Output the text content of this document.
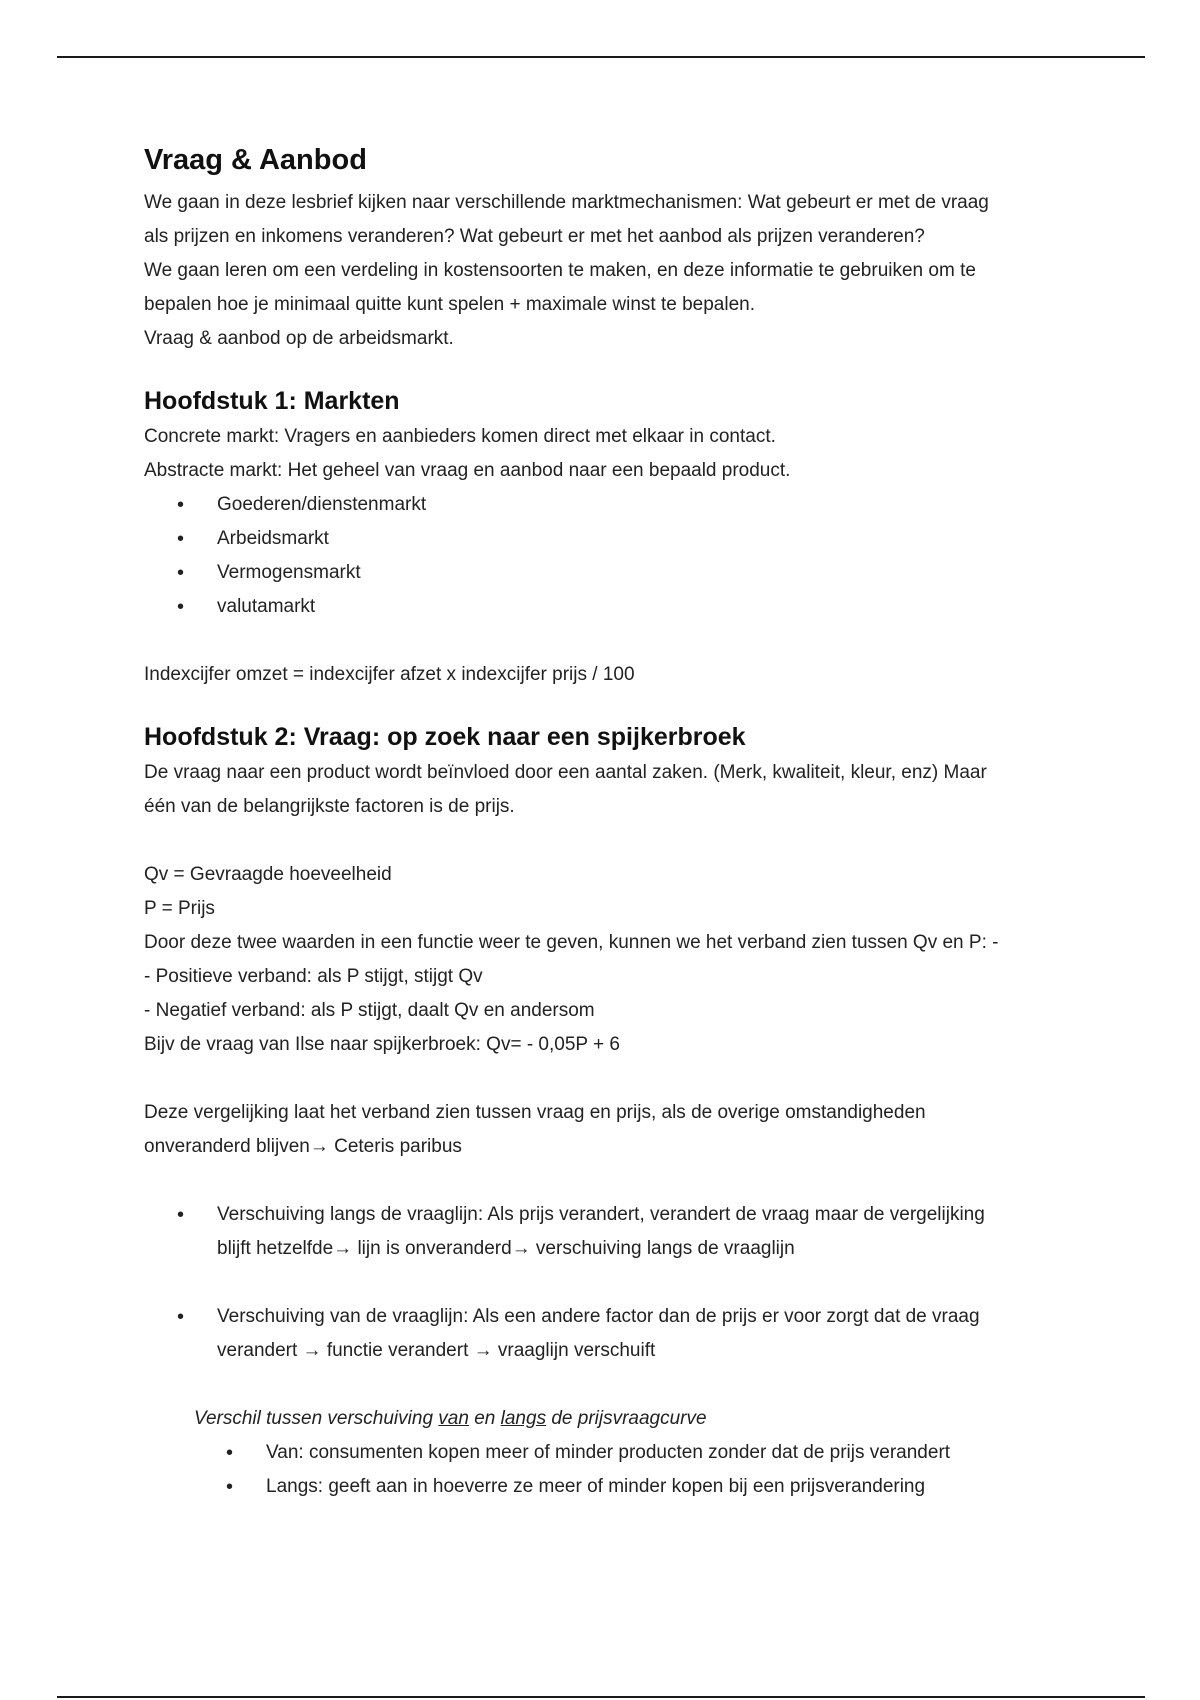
Vraag & Aanbod

We gaan in deze lesbrief kijken naar verschillende marktmechanismen: Wat gebeurt er met de vraag

als prijzen en inkomens veranderen? Wat gebeurt er met het aanbod als prijzen veranderen?

We gaan leren om een verdeling in kostensoorten te maken, en deze informatie te gebruiken om te

bepalen hoe je minimaal quitte kunt spelen + maximale winst te bepalen.

Vraag & aanbod op de arbeidsmarkt.

Hoofdstuk 1: Markten

Concrete markt: Vragers en aanbieders komen direct met elkaar in contact.

Abstracte markt: Het geheel van vraag en aanbod naar een bepaald product.

• Goederen/dienstenmarkt
• Arbeidsmarkt
• Vermogensmarkt
• valutamarkt

Indexcijfer omzet = indexcijfer afzet x indexcijfer prijs / 100

Hoofdstuk 2: Vraag: op zoek naar een spijkerbroek

De vraag naar een product wordt beïnvloed door een aantal zaken. (Merk, kwaliteit, kleur, enz) Maar

één van de belangrijkste factoren is de prijs.

Qv = Gevraagde hoeveelheid

P = Prijs

Door deze twee waarden in een functie weer te geven, kunnen we het verband zien tussen Qv en P: -

- Positieve verband: als P stijgt, stijgt Qv

- Negatief verband: als P stijgt, daalt Qv en andersom

Bijv de vraag van Ilse naar spijkerbroek: Qv= - 0,05P + 6

Deze vergelijking laat het verband zien tussen vraag en prijs, als de overige omstandigheden

onveranderd blijven→ Ceteris paribus

• Verschuiving langs de vraaglijn: Als prijs verandert, verandert de vraag maar de vergelijking
blijft hetzelfde→ lijn is onveranderd→ verschuiving langs de vraaglijn
• Verschuiving van de vraaglijn: Als een andere factor dan de prijs er voor zorgt dat de vraag
verandert → functie verandert → vraaglijn verschuift

Verschil tussen verschuiving van en langs de prijsvraagcurve

• Van: consumenten kopen meer of minder producten zonder dat de prijs verandert
• Langs: geeft aan in hoeverre ze meer of minder kopen bij een prijsverandering
